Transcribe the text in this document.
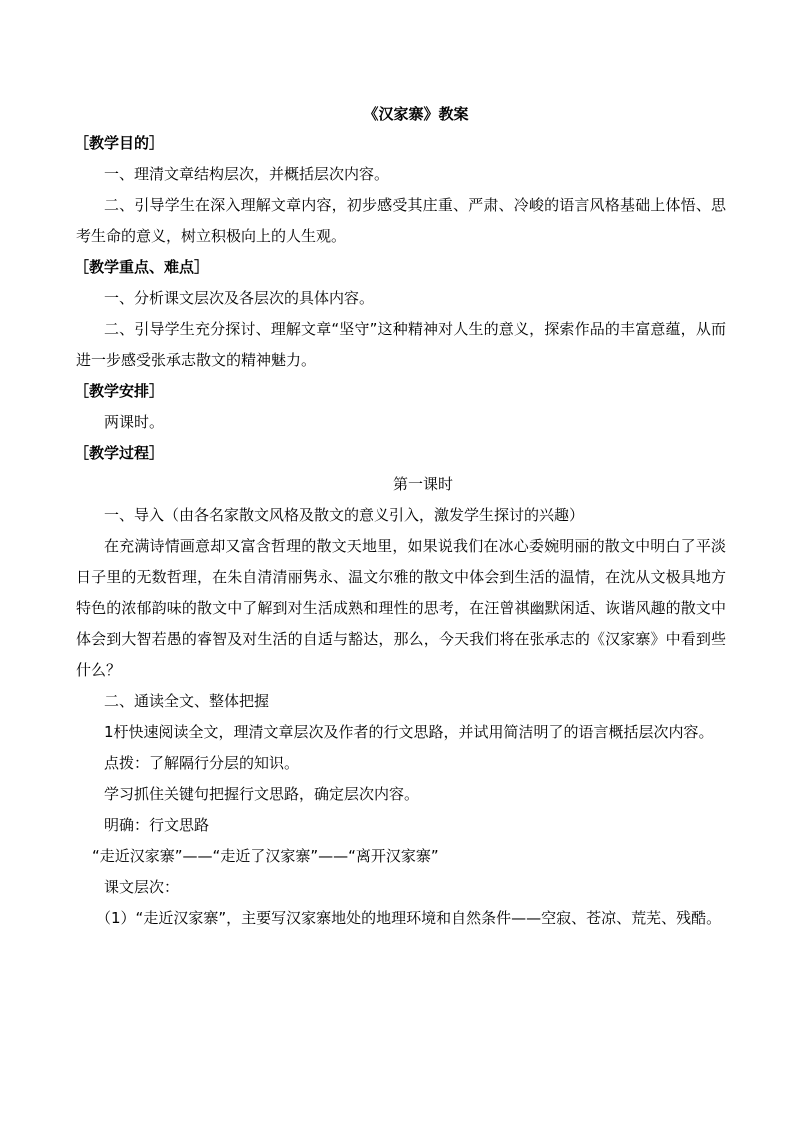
《汉家寨》教案
［教学目的］

一、理清文章结构层次，并概括层次内容。

二、引导学生在深入理解文章内容，初步感受其庄重、严肃、冷峻的语言风格基础上体悟、思考生命的意义，树立积极向上的人生观。

［教学重点、难点］

一、分析课文层次及各层次的具体内容。

二、引导学生充分探讨、理解文章“坚守”这种精神对人生的意义，探索作品的丰富意蕴，从而进一步感受张承志散文的精神魅力。

［教学安排］

两课时。

［教学过程］
第一课时

一、导入（由各名家散文风格及散文的意义引入，激发学生探讨的兴趣）

在充满诗情画意却又富含哲理的散文天地里，如果说我们在冰心委婉明丽的散文中明白了平淡日子里的无数哲理，在朱自清清丽隽永、温文尔雅的散文中体会到生活的温情，在沈从文极具地方特色的浓郁韵味的散文中了解到对生活成熟和理性的思考，在汪曾祺幽默闲适、诙谐风趣的散文中体会到大智若愚的睿智及对生活的自适与豁达，那么，今天我们将在张承志的《汉家寨》中看到些什么？

二、通读全文、整体把握

1杅快速阅读全文，理清文章层次及作者的行文思路，并试用简洁明了的语言概括层次内容。

点拨：了解隔行分层的知识。

学习抓住关键句把握行文思路，确定层次内容。

明确：行文思路

“走近汉家寨”——“走近了汉家寨”——“离开汉家寨”

课文层次：

（1）“走近汉家寨”，主要写汉家寨地处的地理环境和自然条件——空寂、苍凉、荒芜、残酷。
